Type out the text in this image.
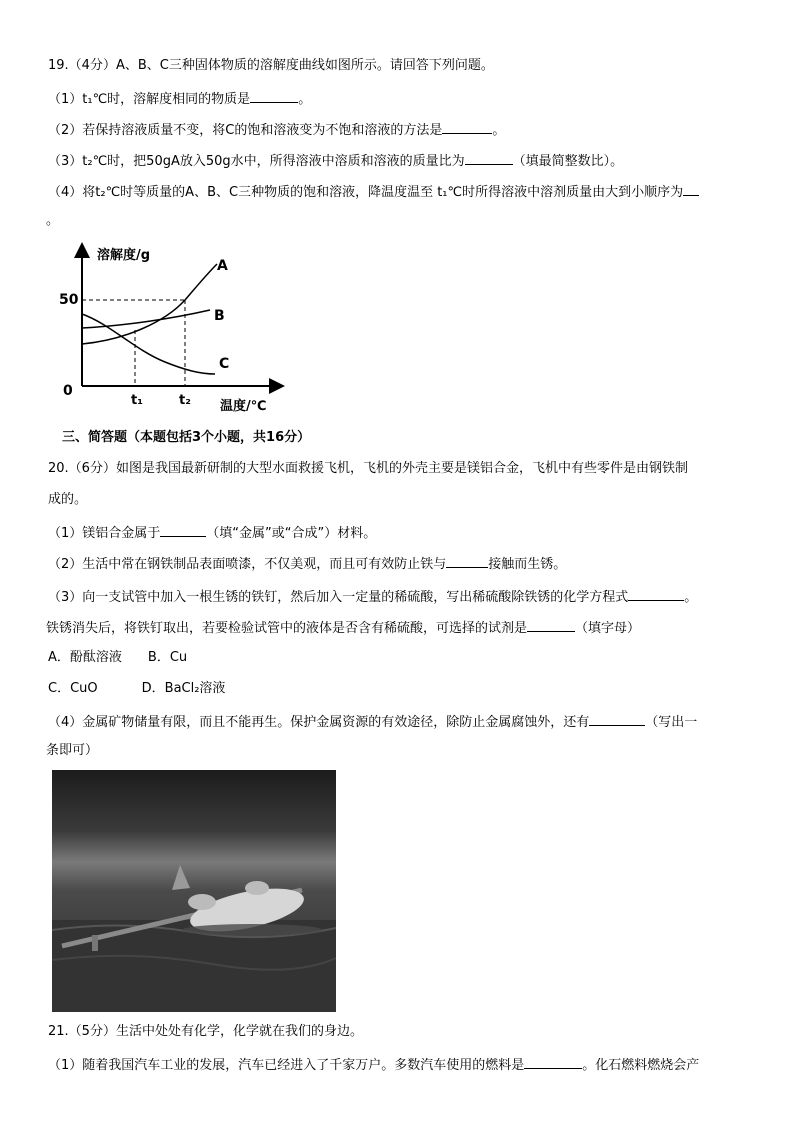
19.（4分）A、B、C三种固体物质的溶解度曲线如图所示。请回答下列问题。
（1）t₁℃时，溶解度相同的物质是	。
（2）若保持溶液质量不变，将C的饱和溶液变为不饱和溶液的方法是	。
（3）t₂℃时，把50gA放入50g水中，所得溶液中溶质和溶液的质量比为	（填最简整数比）。
（4）将t₂℃时等质量的A、B、C三种物质的饱和溶液，降温度温至 t₁℃时所得溶液中溶剂质量由大到小顺序为
。
溶解度/g
温度/℃
50
0
t₁	t₂
A
B
C
三、简答题（本题包括3个小题，共16分）
20.（6分）如图是我国最新研制的大型水面救援飞机，飞机的外壳主要是镁铝合金，飞机中有些零件是由钢铁制
成的。
（1）镁铝合金属于	（填“金属”或“合成”）材料。
（2）生活中常在钢铁制品表面喷漆，不仅美观，而且可有效防止铁与	接触而生锈。
（3）向一支试管中加入一根生锈的铁钉，然后加入一定量的稀硫酸，写出稀硫酸除铁锈的化学方程式	。
铁锈消失后，将铁钉取出，若要检验试管中的液体是否含有稀硫酸，可选择的试剂是	（填字母）
A．酚酞溶液 B．Cu
C．CuO	D．BaCl₂溶液
（4）金属矿物储量有限，而且不能再生。保护金属资源的有效途径，除防止金属腐蚀外，还有	（写出一
条即可）
21.（5分）生活中处处有化学，化学就在我们的身边。
（1）随着我国汽车工业的发展，汽车已经进入了千家万户。多数汽车使用的燃料是	。化石燃料燃烧会产
